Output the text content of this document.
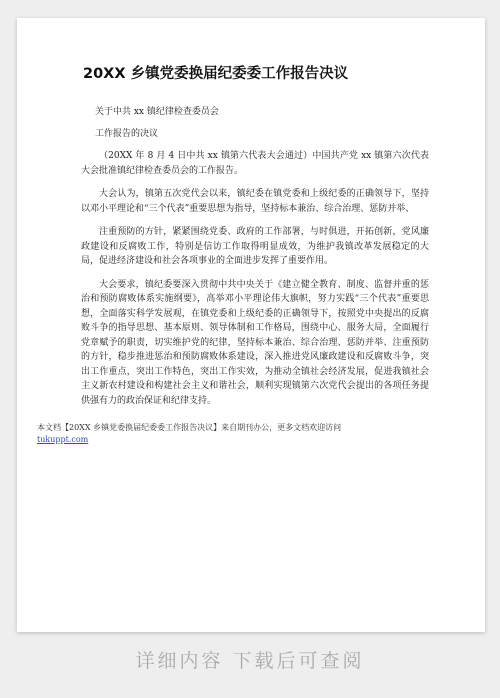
20XX 乡镇党委换届纪委委工作报告决议
关于中共 xx 镇纪律检查委员会
工作报告的决议

（20XX 年 8 月 4 日中共 xx 镇第六代表大会通过）中国共产党 xx 镇第六次代表大会批准镇纪律检查委员会的工作报告。

大会认为，镇第五次党代会以来，镇纪委在镇党委和上级纪委的正确领导下，坚持以邓小平理论和“三个代表”重要思想为指导，坚持标本兼治、综合治理、惩防并举、

注重预防的方针，紧紧围绕党委、政府的工作部署，与时俱进，开拓创新，党风廉政建设和反腐败工作，特别是信访工作取得明显成效，为维护我镇改革发展稳定的大局，促进经济建设和社会各项事业的全面进步发挥了重要作用。

大会要求，镇纪委要深入贯彻中共中央关于《建立健全教育、制度、监督并重的惩治和预防腐败体系实施纲要》，高举邓小平理论伟大旗帜，努力实践“三个代表”重要思想，全面落实科学发展观，在镇党委和上级纪委的正确领导下，按照党中央提出的反腐败斗争的指导思想、基本原则、领导体制和工作格局，围绕中心、服务大局，全面履行党章赋予的职责，切实维护党的纪律，坚持标本兼治、综合治理、惩防并举、注重预防的方针，稳步推进惩治和预防腐败体系建设，深入推进党风廉政建设和反腐败斗争，突出工作重点，突出工作特色，突出工作实效，为推动全镇社会经济发展，促进我镇社会主义新农村建设和构建社会主义和谐社会，顺利实现镇第六次党代会提出的各项任务提供强有力的政治保证和纪律支持。

本文档【20XX 乡镇党委换届纪委委工作报告决议】来自期刊办公，更多文档欢迎访问
tukuppt.com
详细内容 下载后可查阅
